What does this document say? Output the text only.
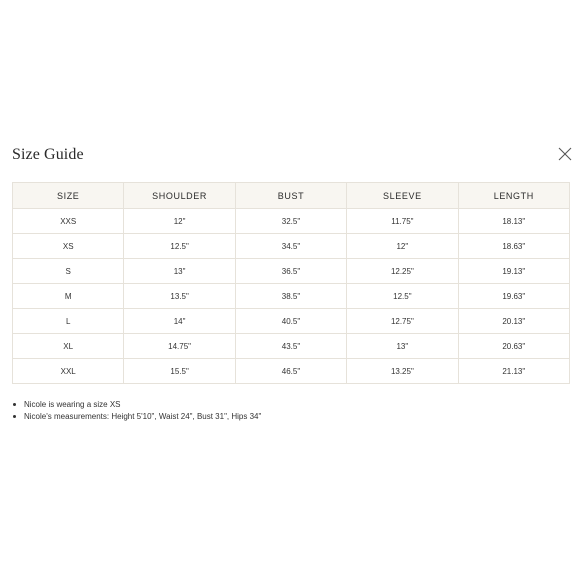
Size Guide
SIZE	SHOULDER	BUST	SLEEVE	LENGTH
XXS	12"	32.5"	11.75"	18.13"
XS	12.5"	34.5"	12"	18.63"
S	13"	36.5"	12.25"	19.13"
M	13.5"	38.5"	12.5"	19.63"
L	14"	40.5"	12.75"	20.13"
XL	14.75"	43.5"	13"	20.63"
XXL	15.5"	46.5"	13.25"	21.13"
Nicole is wearing a size XS
Nicole's measurements: Height 5'10", Waist 24", Bust 31", Hips 34"
